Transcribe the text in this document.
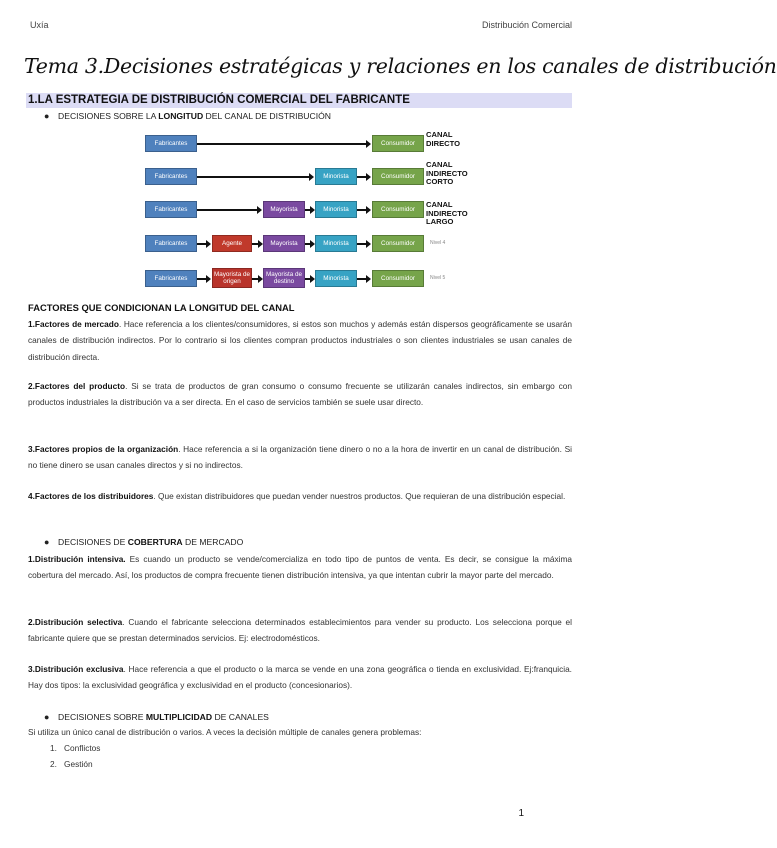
Uxía	Distribución Comercial
Tema 3.Decisiones estratégicas y relaciones en los canales de distribución
1.LA ESTRATEGIA DE DISTRIBUCIÓN COMERCIAL DEL FABRICANTE
● DECISIONES SOBRE LA LONGITUD DEL CANAL DE DISTRIBUCIÓN
Fabricantes	Consumidor
CANAL DIRECTO
Fabricantes	Minorista	Consumidor
CANAL INDIRECTO CORTO
Fabricantes	Mayorista	Minorista	Consumidor
CANAL INDIRECTO LARGO
Fabricantes	Agente	Mayorista	Minorista	Consumidor	Nivel 4
Fabricantes
Mayorista de origen
Mayorista de destino	Minorista	Consumidor	Nivel 5
FACTORES QUE CONDICIONAN LA LONGITUD DEL CANAL
1.Factores de mercado. Hace referencia a los clientes/consumidores, si estos son muchos y además están dispersos geográficamente se usarán canales de distribución indirectos. Por lo contrario si los clientes compran productos industriales o son clientes industriales se usan canales de distribución directa.
2.Factores del producto. Si se trata de productos de gran consumo o consumo frecuente se utilizarán canales indirectos, sin embargo con productos industriales la distribución va a ser directa. En el caso de servicios también se suele usar directo.
3.Factores propios de la organización. Hace referencia a si la organización tiene dinero o no a la hora de invertir en un canal de distribución. Si no tiene dinero se usan canales directos y si no indirectos.
4.Factores de los distribuidores. Que existan distribuidores que puedan vender nuestros productos. Que requieran de una distribución especial.
● DECISIONES DE COBERTURA DE MERCADO
1.Distribución intensiva. Es cuando un producto se vende/comercializa en todo tipo de puntos de venta. Es decir, se consigue la máxima cobertura del mercado. Así, los productos de compra frecuente tienen distribución intensiva, ya que intentan cubrir la mayor parte del mercado.
2.Distribución selectiva. Cuando el fabricante selecciona determinados establecimientos para vender su producto. Los selecciona porque el fabricante quiere que se prestan determinados servicios. Ej: electrodomésticos.
3.Distribución exclusiva. Hace referencia a que el producto o la marca se vende en una zona geográfica o tienda en exclusividad. Ej:franquicia. Hay dos tipos: la exclusividad geográfica y exclusividad en el producto (concesionarios).
● DECISIONES SOBRE MULTIPLICIDAD DE CANALES
Si utiliza un único canal de distribución o varios. A veces la decisión múltiple de canales genera problemas:
1. Conflictos
2. Gestión
1
